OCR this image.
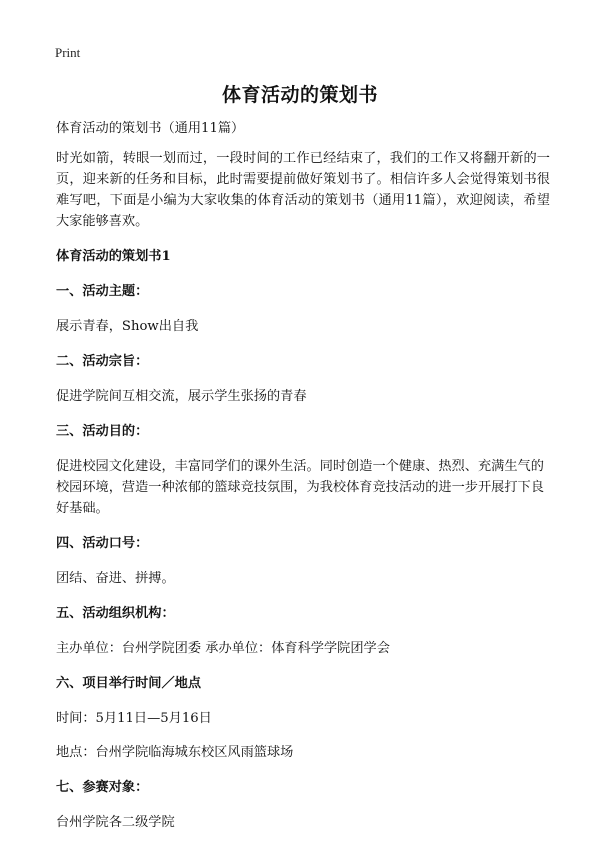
Print
体育活动的策划书

体育活动的策划书（通用11篇）

时光如箭，转眼一划而过，一段时间的工作已经结束了，我们的工作又将翻开新的一页，迎来新的任务和目标，此时需要提前做好策划书了。相信许多人会觉得策划书很难写吧，下面是小编为大家收集的体育活动的策划书（通用11篇），欢迎阅读，希望大家能够喜欢。

体育活动的策划书1
一、活动主题：

展示青春，Show出自我

二、活动宗旨：

促进学院间互相交流，展示学生张扬的青春

三、活动目的：

促进校园文化建设，丰富同学们的课外生活。同时创造一个健康、热烈、充满生气的校园环境，营造一种浓郁的篮球竞技氛围，为我校体育竞技活动的进一步开展打下良好基础。

四、活动口号：

团结、奋进、拼搏。

五、活动组织机构：

主办单位：台州学院团委 承办单位：体育科学学院团学会

六、项目举行时间／地点

时间：5月11日—5月16日

地点：台州学院临海城东校区风雨篮球场

七、参赛对象：

台州学院各二级学院
